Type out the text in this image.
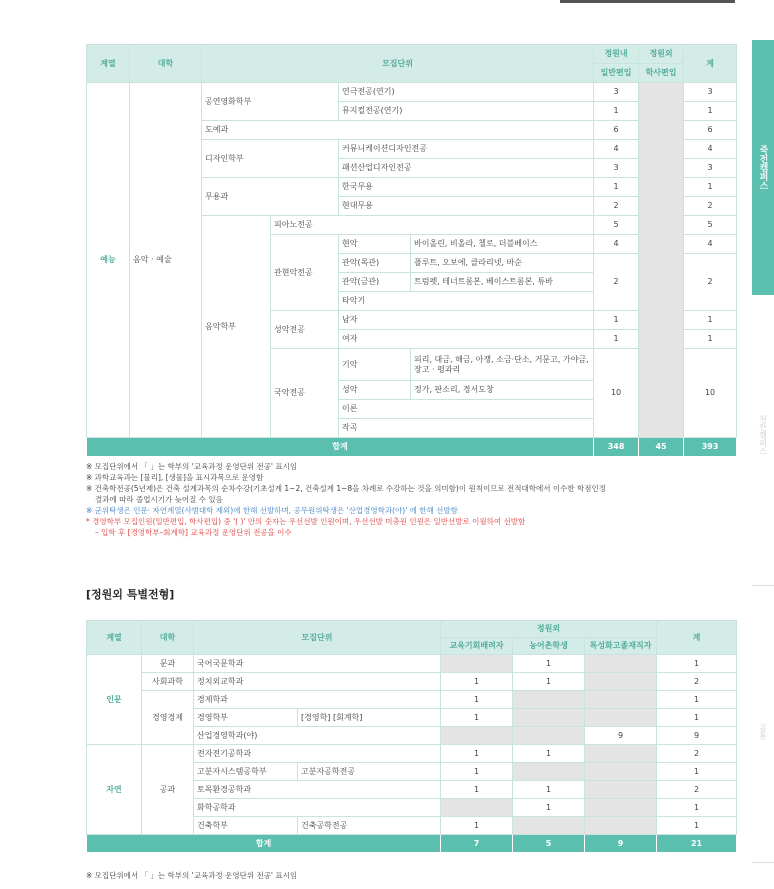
죽전캠퍼스
천안캠퍼스
공통
계열	대학	모집단위				정원내	정원외	계
						일반편입	학사편입	
예능	음악 · 예술	공연영화학부		연극전공(연기)		3		3
				뮤지컬전공(연기)		1		1
		도예과				6		6
		디자인학부		커뮤니케이션디자인전공		4		4
				패션산업디자인전공		3		3
		무용과		한국무용		1		1
				현대무용		2		2
		음악학부	피아노전공			5		5
			관현악전공	현악	바이올린, 비올라, 첼로, 더블베이스	4		4
				관악(목관)	플루트, 오보에, 클라리넷, 바순	2		2
				관악(금관)	트럼펫, 테너트롬본, 베이스트롬본, 튜바			
				타악기				
			성악전공	남자		1		1
				여자		1		1
			국악전공	기악	피리, 대금, 해금, 아쟁, 소금·단소, 거문고, 가야금, 장고 · 평과리	10		10
				성악	정가, 판소리, 경서도창			
				이론				
				작곡				
합계						348	45	393

※ 모집단위에서 「 」는 학부의 '교육과정 운영단위 전공' 표시임

※ 과학교육과는 [물리], [생물]을 표시과목으로 운영함

※ 건축학전공(5년제)은 건축 설계과목의 순차수강(기초설계 1~2, 건축설계 1~8을 차례로 수강하는 것을 의미함)이 원칙이므로 전적대학에서 이수한 학점인정

결과에 따라 졸업시기가 늦어질 수 있음

※ 군위탁생은 인문· 자연계열(사범대학 제외)에 한해 선발하며, 공무원위탁생은 '산업경영학과(야)' 에 한해 선발함

* 경영학부 모집인원(일반편입, 학사편입) 중 '( )' 안의 숫자는 우선선발 인원이며, 우선선발 미충원 인원은 일반선발로 이월하여 선발함

– 입학 후 [경영학부–회계학] 교육과정 운영단위 전공을 이수

[정원외 특별전형]
계열	대학	모집단위		정원외			계
				교육기회배려자	농어촌학생	특성화고졸재직자	
인문	문과	국어국문학과			1		1
	사회과학	정치외교학과		1	1		2
	경영경제	경제학과		1			1
		경영학부	[경영학] [회계학]	1			1
		산업경영학과(야)				9	9
자연	공과	전자전기공학과		1	1		2
		고분자시스템공학부	고분자공학전공	1			1
		토목환경공학과		1	1		2
		화학공학과			1		1
		건축학부	건축공학전공	1			1
합계				7	5	9	21

※ 모집단위에서 「 」는 학부의 '교육과정 운영단위 전공' 표시임
